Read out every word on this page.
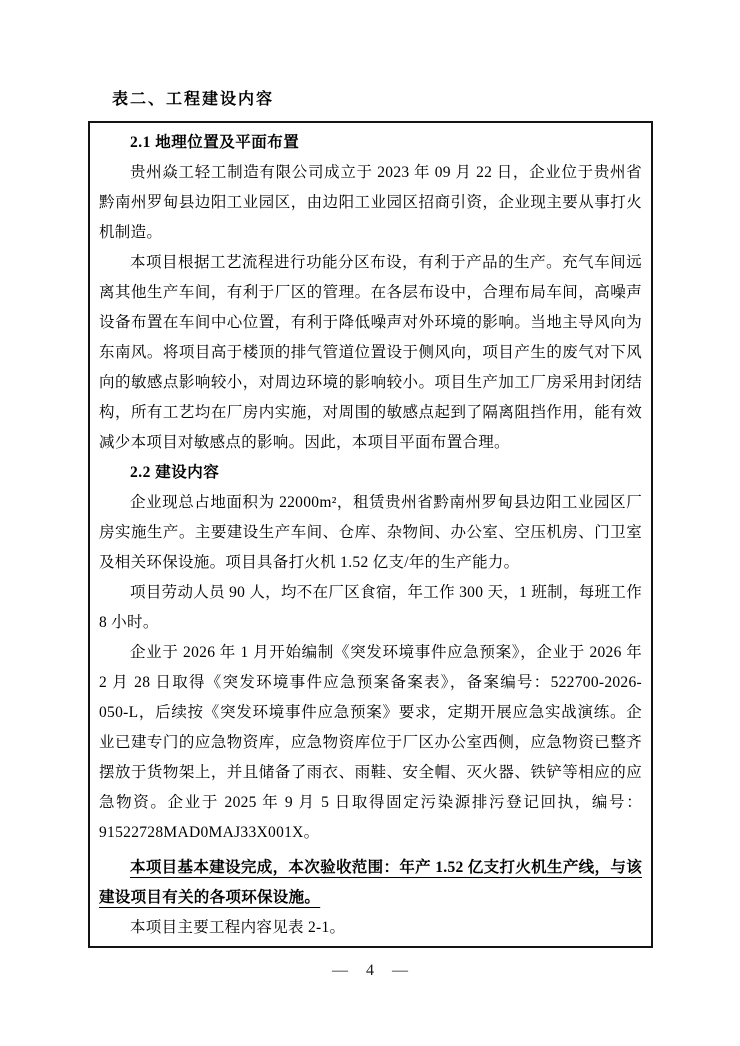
表二、工程建设内容
2.1 地理位置及平面布置

贵州焱工轻工制造有限公司成立于 2023 年 09 月 22 日，企业位于贵州省黔南州罗甸县边阳工业园区，由边阳工业园区招商引资，企业现主要从事打火机制造。

本项目根据工艺流程进行功能分区布设，有利于产品的生产。充气车间远离其他生产车间，有利于厂区的管理。在各层布设中，合理布局车间，高噪声设备布置在车间中心位置，有利于降低噪声对外环境的影响。当地主导风向为东南风。将项目高于楼顶的排气管道位置设于侧风向，项目产生的废气对下风向的敏感点影响较小，对周边环境的影响较小。项目生产加工厂房采用封闭结构，所有工艺均在厂房内实施，对周围的敏感点起到了隔离阻挡作用，能有效减少本项目对敏感点的影响。因此，本项目平面布置合理。

2.2 建设内容

企业现总占地面积为 22000m²，租赁贵州省黔南州罗甸县边阳工业园区厂房实施生产。主要建设生产车间、仓库、杂物间、办公室、空压机房、门卫室及相关环保设施。项目具备打火机 1.52 亿支/年的生产能力。

项目劳动人员 90 人，均不在厂区食宿，年工作 300 天，1 班制，每班工作 8 小时。

企业于 2026 年 1 月开始编制《突发环境事件应急预案》，企业于 2026 年 2 月 28 日取得《突发环境事件应急预案备案表》，备案编号：522700-2026-050-L，后续按《突发环境事件应急预案》要求，定期开展应急实战演练。企业已建专门的应急物资库，应急物资库位于厂区办公室西侧，应急物资已整齐摆放于货物架上，并且储备了雨衣、雨鞋、安全帽、灭火器、铁铲等相应的应急物资。企业于 2025 年 9 月 5 日取得固定污染源排污登记回执，编号：91522728MAD0MAJ33X001X。

本项目基本建设完成，本次验收范围：年产 1.52 亿支打火机生产线，与该建设项目有关的各项环保设施。

本项目主要工程内容见表 2-1。

— 4 —
